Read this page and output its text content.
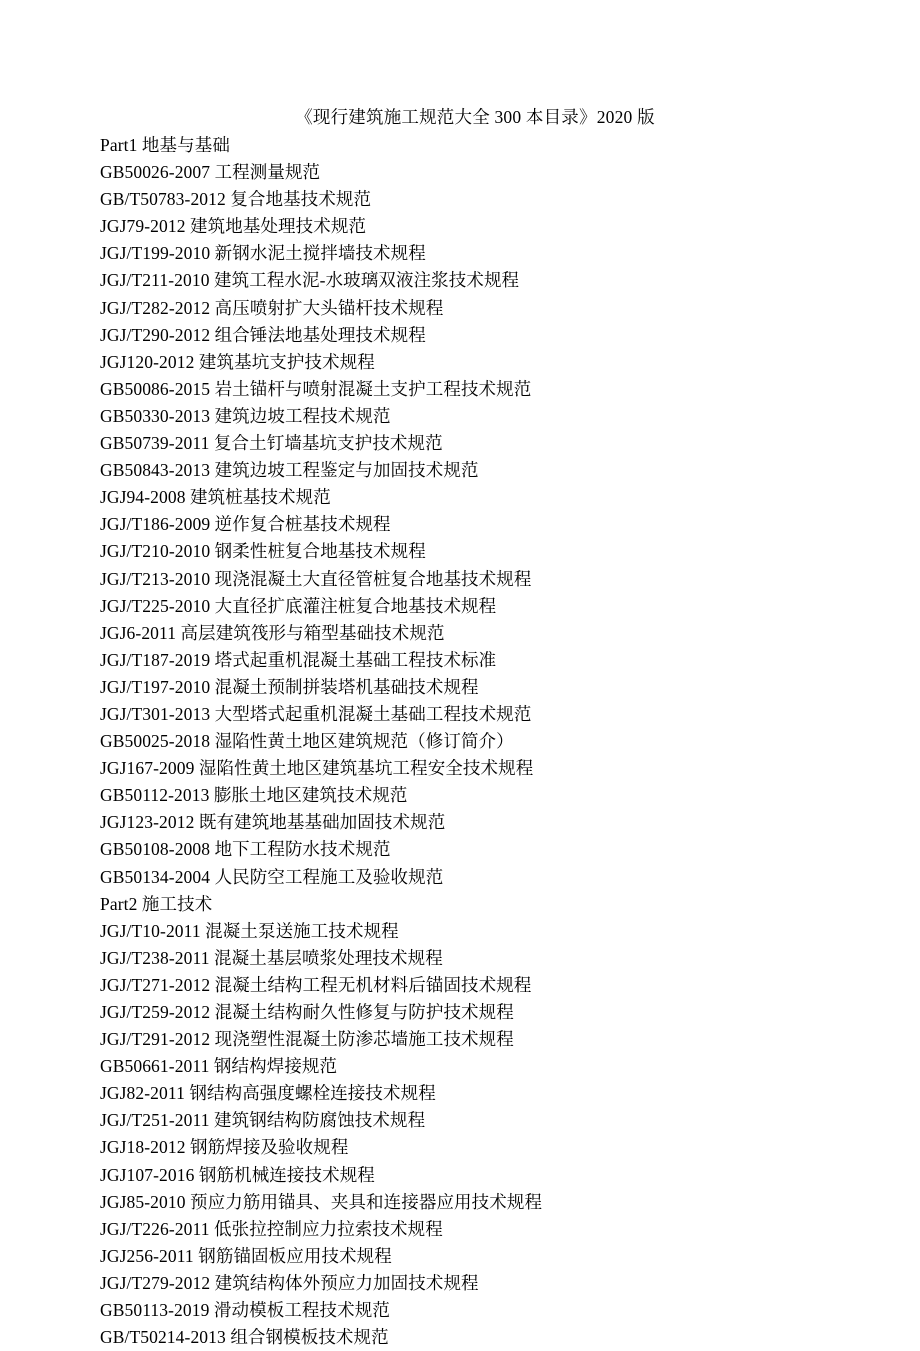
《现行建筑施工规范大全 300 本目录》2020 版
Part1 地基与基础
GB50026-2007 工程测量规范
GB/T50783-2012 复合地基技术规范
JGJ79-2012 建筑地基处理技术规范
JGJ/T199-2010 新钢水泥土搅拌墙技术规程
JGJ/T211-2010 建筑工程水泥-水玻璃双液注浆技术规程
JGJ/T282-2012 高压喷射扩大头锚杆技术规程
JGJ/T290-2012 组合锤法地基处理技术规程
JGJ120-2012 建筑基坑支护技术规程
GB50086-2015 岩土锚杆与喷射混凝土支护工程技术规范
GB50330-2013 建筑边坡工程技术规范
GB50739-2011 复合土钉墙基坑支护技术规范
GB50843-2013 建筑边坡工程鉴定与加固技术规范
JGJ94-2008 建筑桩基技术规范
JGJ/T186-2009 逆作复合桩基技术规程
JGJ/T210-2010 钢柔性桩复合地基技术规程
JGJ/T213-2010 现浇混凝土大直径管桩复合地基技术规程
JGJ/T225-2010 大直径扩底灌注桩复合地基技术规程
JGJ6-2011 高层建筑筏形与箱型基础技术规范
JGJ/T187-2019 塔式起重机混凝土基础工程技术标准
JGJ/T197-2010 混凝土预制拼装塔机基础技术规程
JGJ/T301-2013 大型塔式起重机混凝土基础工程技术规范
GB50025-2018 湿陷性黄土地区建筑规范（修订简介）
JGJ167-2009 湿陷性黄土地区建筑基坑工程安全技术规程
GB50112-2013 膨胀土地区建筑技术规范
JGJ123-2012 既有建筑地基基础加固技术规范
GB50108-2008 地下工程防水技术规范
GB50134-2004 人民防空工程施工及验收规范
Part2 施工技术
JGJ/T10-2011 混凝土泵送施工技术规程
JGJ/T238-2011 混凝土基层喷浆处理技术规程
JGJ/T271-2012 混凝土结构工程无机材料后锚固技术规程
JGJ/T259-2012 混凝土结构耐久性修复与防护技术规程
JGJ/T291-2012 现浇塑性混凝土防渗芯墙施工技术规程
GB50661-2011 钢结构焊接规范
JGJ82-2011 钢结构高强度螺栓连接技术规程
JGJ/T251-2011 建筑钢结构防腐蚀技术规程
JGJ18-2012 钢筋焊接及验收规程
JGJ107-2016 钢筋机械连接技术规程
JGJ85-2010 预应力筋用锚具、夹具和连接器应用技术规程
JGJ/T226-2011 低张拉控制应力拉索技术规程
JGJ256-2011 钢筋锚固板应用技术规程
JGJ/T279-2012 建筑结构体外预应力加固技术规程
GB50113-2019 滑动模板工程技术规范
GB/T50214-2013 组合钢模板技术规范
